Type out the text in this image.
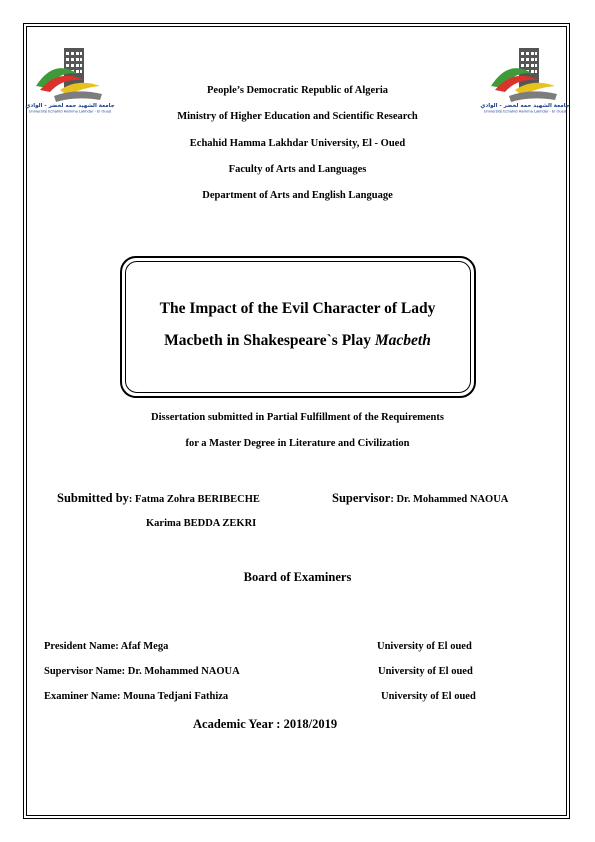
جامعة الشهيد حمه لخضر - الوادي
Université Echahid Hamma Lakhdar - El Oued
جامعة الشهيد حمه لخضر - الوادي
Université Echahid Hamma Lakhdar - El Oued
People’s Democratic Republic of Algeria
Ministry of Higher Education and Scientific Research
Echahid Hamma Lakhdar University, El - Oued
Faculty of Arts and Languages
Department of Arts and English Language
The Impact of the Evil Character of Lady
Macbeth in Shakespeare`s Play Macbeth
Dissertation submitted in Partial Fulfillment of the Requirements
for a Master Degree in Literature and Civilization
Submitted by: Fatma Zohra BERIBECHE
Karima BEDDA ZEKRI
Supervisor: Dr. Mohammed NAOUA
Board of Examiners
President Name: Afaf Mega	University of El oued
Supervisor Name: Dr. Mohammed NAOUA	University of El oued
Examiner Name: Mouna Tedjani Fathiza	University of El oued
Academic Year : 2018/2019
